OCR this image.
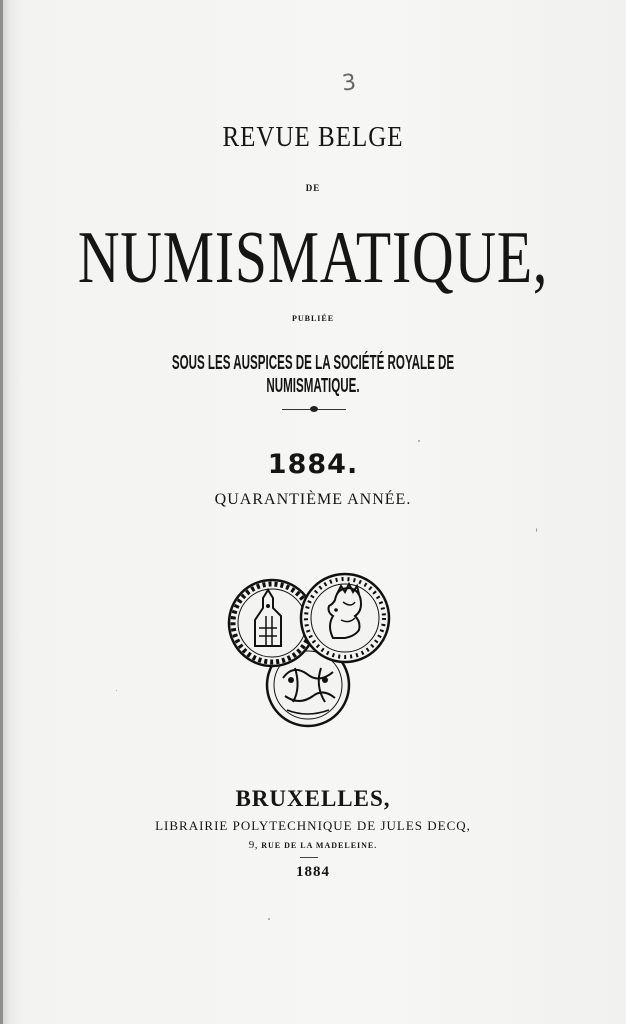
3
REVUE BELGE
DE
NUMISMATIQUE,
PUBLIÉE
SOUS LES AUSPICES DE LA SOCIÉTÉ ROYALE DE NUMISMATIQUE.
1884.
QUARANTIÈME ANNÉE.
BRUXELLES,
LIBRAIRIE POLYTECHNIQUE DE JULES DECQ,
9, RUE DE LA MADELEINE.
1884
